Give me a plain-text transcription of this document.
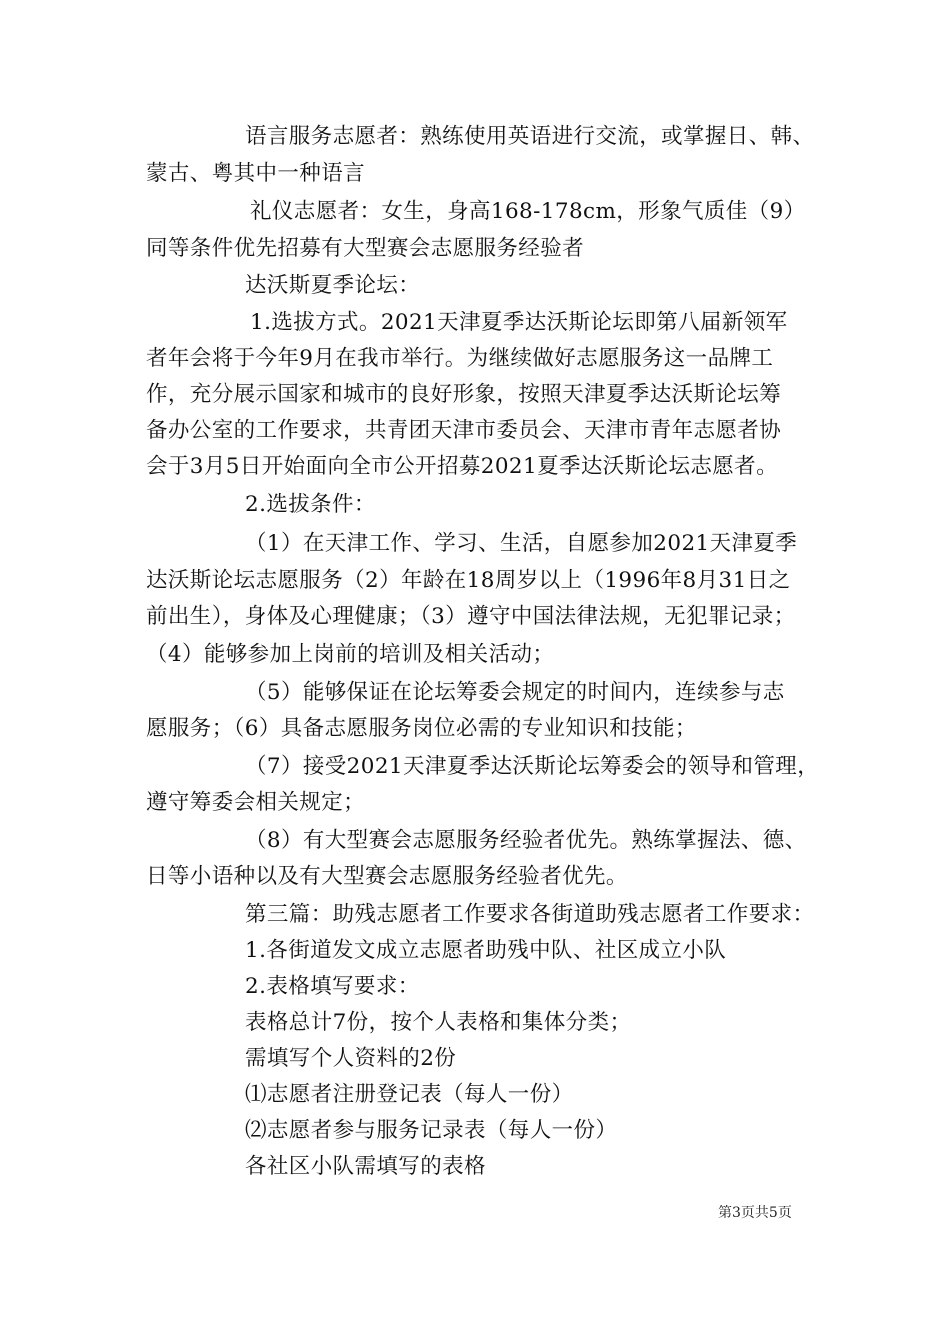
语言服务志愿者：熟练使用英语进行交流，或掌握日、韩、
蒙古、粤其中一种语言
礼仪志愿者：女生，身高168-178cm，形象气质佳（9）
同等条件优先招募有大型赛会志愿服务经验者
达沃斯夏季论坛：
1.选拔方式。2021天津夏季达沃斯论坛即第八届新领军
者年会将于今年9月在我市举行。为继续做好志愿服务这一品牌工
作，充分展示国家和城市的良好形象，按照天津夏季达沃斯论坛筹
备办公室的工作要求，共青团天津市委员会、天津市青年志愿者协
会于3月5日开始面向全市公开招募2021夏季达沃斯论坛志愿者。
2.选拔条件：
（1）在天津工作、学习、生活，自愿参加2021天津夏季
达沃斯论坛志愿服务（2）年龄在18周岁以上（1996年8月31日之
前出生），身体及心理健康；（3）遵守中国法律法规，无犯罪记录；
（4）能够参加上岗前的培训及相关活动；
（5）能够保证在论坛筹委会规定的时间内，连续参与志
愿服务；（6）具备志愿服务岗位必需的专业知识和技能；
（7）接受2021天津夏季达沃斯论坛筹委会的领导和管理，
遵守筹委会相关规定；
（8）有大型赛会志愿服务经验者优先。熟练掌握法、德、
日等小语种以及有大型赛会志愿服务经验者优先。
第三篇：助残志愿者工作要求各街道助残志愿者工作要求：
1.各街道发文成立志愿者助残中队、社区成立小队
2.表格填写要求：
表格总计7份，按个人表格和集体分类；
需填写个人资料的2份
⑴志愿者注册登记表（每人一份）
⑵志愿者参与服务记录表（每人一份）
各社区小队需填写的表格
第3页共5页
